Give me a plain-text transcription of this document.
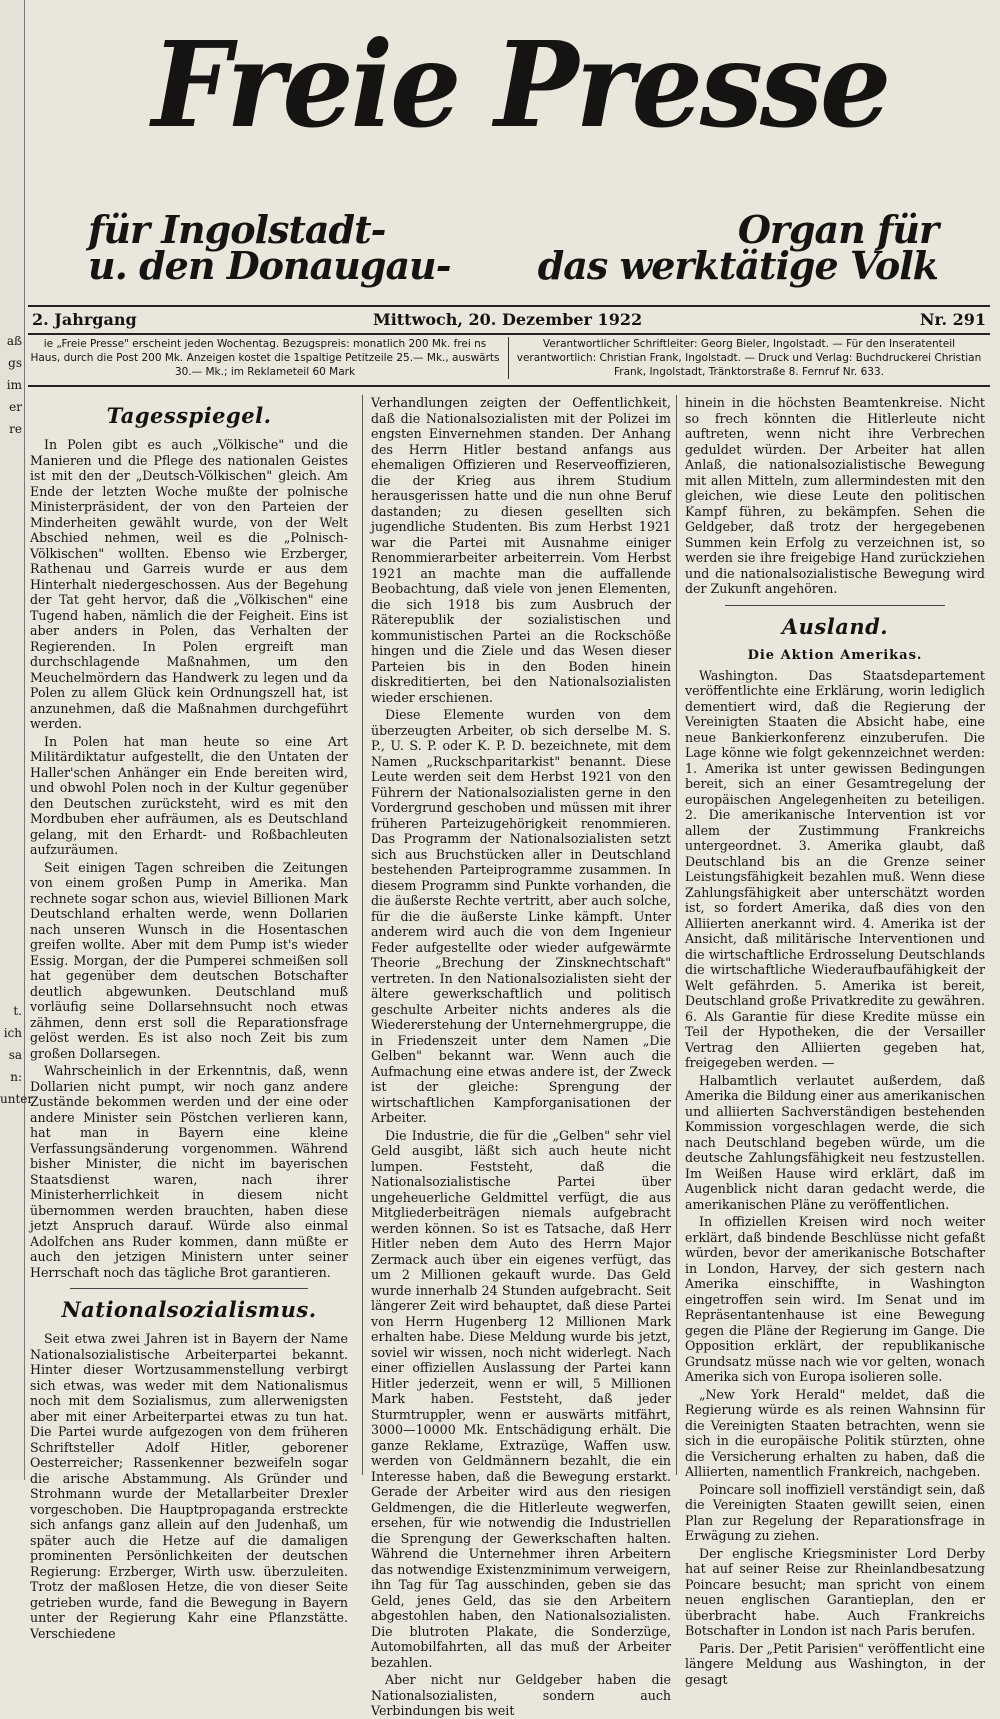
aß
gs
im
er
re
t.
ich
sa
n:
unter
Freie Presse
für Ingolstadt-
u. den Donaugau-
Organ für
das werktätige Volk
2. Jahrgang	Mittwoch, 20. Dezember 1922	Nr. 291
ie „Freie Presse" erscheint jeden Wochentag. Bezugspreis: monatlich 200 Mk. frei ns Haus, durch die Post 200 Mk. Anzeigen kostet die 1spaltige Petitzeile 25.— Mk., auswärts 30.— Mk.; im Reklameteil 60 Mark
Verantwortlicher Schriftleiter: Georg Bieler, Ingolstadt. — Für den Inseratenteil verantwortlich: Christian Frank, Ingolstadt. — Druck und Verlag: Buchdruckerei Christian Frank, Ingolstadt, Tränktorstraße 8. Fernruf Nr. 633.
Tagesspiegel.

In Polen gibt es auch „Völkische" und die Manieren und die Pflege des nationalen Geistes ist mit den der „Deutsch-Völkischen" gleich. Am Ende der letzten Woche mußte der polnische Ministerpräsident, der von den Parteien der Minderheiten gewählt wurde, von der Welt Abschied nehmen, weil es die „Polnisch-Völkischen" wollten. Ebenso wie Erzberger, Rathenau und Garreis wurde er aus dem Hinterhalt niedergeschossen. Aus der Begehung der Tat geht hervor, daß die „Völkischen" eine Tugend haben, nämlich die der Feigheit. Eins ist aber anders in Polen, das Verhalten der Regierenden. In Polen ergreift man durchschlagende Maßnahmen, um den Meuchelmördern das Handwerk zu legen und da Polen zu allem Glück kein Ordnungszell hat, ist anzunehmen, daß die Maßnahmen durchgeführt werden.

In Polen hat man heute so eine Art Militärdiktatur aufgestellt, die den Untaten der Haller'schen Anhänger ein Ende bereiten wird, und obwohl Polen noch in der Kultur gegenüber den Deutschen zurücksteht, wird es mit den Mordbuben eher aufräumen, als es Deutschland gelang, mit den Erhardt- und Roßbachleuten aufzuräumen.

Seit einigen Tagen schreiben die Zeitungen von einem großen Pump in Amerika. Man rechnete sogar schon aus, wieviel Billionen Mark Deutschland erhalten werde, wenn Dollarien nach unseren Wunsch in die Hosentaschen greifen wollte. Aber mit dem Pump ist's wieder Essig. Morgan, der die Pumperei schmeißen soll hat gegenüber dem deutschen Botschafter deutlich abgewunken. Deutschland muß vorläufig seine Dollarsehnsucht noch etwas zähmen, denn erst soll die Reparationsfrage gelöst werden. Es ist also noch Zeit bis zum großen Dollarsegen.

Wahrscheinlich in der Erkenntnis, daß, wenn Dollarien nicht pumpt, wir noch ganz andere Zustände bekommen werden und der eine oder andere Minister sein Pöstchen verlieren kann, hat man in Bayern eine kleine Verfassungsänderung vorgenommen. Während bisher Minister, die nicht im bayerischen Staatsdienst waren, nach ihrer Ministerherrlichkeit in diesem nicht übernommen werden brauchten, haben diese jetzt Anspruch darauf. Würde also einmal Adolfchen ans Ruder kommen, dann müßte er auch den jetzigen Ministern unter seiner Herrschaft noch das tägliche Brot garantieren.

Nationalsozialismus.

Seit etwa zwei Jahren ist in Bayern der Name Nationalsozialistische Arbeiterpartei bekannt. Hinter dieser Wortzusammenstellung verbirgt sich etwas, was weder mit dem Nationalismus noch mit dem Sozialismus, zum allerwenigsten aber mit einer Arbeiterpartei etwas zu tun hat. Die Partei wurde aufgezogen von dem früheren Schriftsteller Adolf Hitler, geborener Oesterreicher; Rassenkenner bezweifeln sogar die arische Abstammung. Als Gründer und Strohmann wurde der Metallarbeiter Drexler vorgeschoben. Die Hauptpropaganda erstreckte sich anfangs ganz allein auf den Judenhaß, um später auch die Hetze auf die damaligen prominenten Persönlichkeiten der deutschen Regierung: Erzberger, Wirth usw. überzuleiten. Trotz der maßlosen Hetze, die von dieser Seite getrieben wurde, fand die Bewegung in Bayern unter der Regierung Kahr eine Pflanzstätte. Verschiedene

Verhandlungen zeigten der Oeffentlichkeit, daß die Nationalsozialisten mit der Polizei im engsten Einvernehmen standen. Der Anhang des Herrn Hitler bestand anfangs aus ehemaligen Offizieren und Reserveoffizieren, die der Krieg aus ihrem Studium herausgerissen hatte und die nun ohne Beruf dastanden; zu diesen gesellten sich jugendliche Studenten. Bis zum Herbst 1921 war die Partei mit Ausnahme einiger Renommierarbeiter arbeiterrein. Vom Herbst 1921 an machte man die auffallende Beobachtung, daß viele von jenen Elementen, die sich 1918 bis zum Ausbruch der Räterepublik der sozialistischen und kommunistischen Partei an die Rockschöße hingen und die Ziele und das Wesen dieser Parteien bis in den Boden hinein diskreditierten, bei den Nationalsozialisten wieder erschienen.

Diese Elemente wurden von dem überzeugten Arbeiter, ob sich derselbe M. S. P., U. S. P. oder K. P. D. bezeichnete, mit dem Namen „Ruckschparitarkist" benannt. Diese Leute werden seit dem Herbst 1921 von den Führern der Nationalsozialisten gerne in den Vordergrund geschoben und müssen mit ihrer früheren Parteizugehörigkeit renommieren. Das Programm der Nationalsozialisten setzt sich aus Bruchstücken aller in Deutschland bestehenden Parteiprogramme zusammen. In diesem Programm sind Punkte vorhanden, die die äußerste Rechte vertritt, aber auch solche, für die die äußerste Linke kämpft. Unter anderem wird auch die von dem Ingenieur Feder aufgestellte oder wieder aufgewärmte Theorie „Brechung der Zinsknechtschaft" vertreten. In den Nationalsozialisten sieht der ältere gewerkschaftlich und politisch geschulte Arbeiter nichts anderes als die Wiedererstehung der Unternehmergruppe, die in Friedenszeit unter dem Namen „Die Gelben" bekannt war. Wenn auch die Aufmachung eine etwas andere ist, der Zweck ist der gleiche: Sprengung der wirtschaftlichen Kampforganisationen der Arbeiter.

Die Industrie, die für die „Gelben" sehr viel Geld ausgibt, läßt sich auch heute nicht lumpen. Feststeht, daß die Nationalsozialistische Partei über ungeheuerliche Geldmittel verfügt, die aus Mitgliederbeiträgen niemals aufgebracht werden können. So ist es Tatsache, daß Herr Hitler neben dem Auto des Herrn Major Zermack auch über ein eigenes verfügt, das um 2 Millionen gekauft wurde. Das Geld wurde innerhalb 24 Stunden aufgebracht. Seit längerer Zeit wird behauptet, daß diese Partei von Herrn Hugenberg 12 Millionen Mark erhalten habe. Diese Meldung wurde bis jetzt, soviel wir wissen, noch nicht widerlegt. Nach einer offiziellen Auslassung der Partei kann Hitler jederzeit, wenn er will, 5 Millionen Mark haben. Feststeht, daß jeder Sturmtruppler, wenn er auswärts mitfährt, 3000—10000 Mk. Entschädigung erhält. Die ganze Reklame, Extrazüge, Waffen usw. werden von Geldmännern bezahlt, die ein Interesse haben, daß die Bewegung erstarkt. Gerade der Arbeiter wird aus den riesigen Geldmengen, die die Hitlerleute wegwerfen, ersehen, für wie notwendig die Industriellen die Sprengung der Gewerkschaften halten. Während die Unternehmer ihren Arbeitern das notwendige Existenzminimum verweigern, ihn Tag für Tag ausschinden, geben sie das Geld, jenes Geld, das sie den Arbeitern abgestohlen haben, den Nationalsozialisten. Die blutroten Plakate, die Sonderzüge, Automobilfahrten, all das muß der Arbeiter bezahlen.

Aber nicht nur Geldgeber haben die Nationalsozialisten, sondern auch Verbindungen bis weit

hinein in die höchsten Beamtenkreise. Nicht so frech könnten die Hitlerleute nicht auftreten, wenn nicht ihre Verbrechen geduldet würden. Der Arbeiter hat allen Anlaß, die nationalsozialistische Bewegung mit allen Mitteln, zum allermindesten mit den gleichen, wie diese Leute den politischen Kampf führen, zu bekämpfen. Sehen die Geldgeber, daß trotz der hergegebenen Summen kein Erfolg zu verzeichnen ist, so werden sie ihre freigebige Hand zurückziehen und die nationalsozialistische Bewegung wird der Zukunft angehören.

Ausland.
Die Aktion Amerikas.

Washington. Das Staatsdepartement veröffentlichte eine Erklärung, worin lediglich dementiert wird, daß die Regierung der Vereinigten Staaten die Absicht habe, eine neue Bankierkonferenz einzuberufen. Die Lage könne wie folgt gekennzeichnet werden: 1. Amerika ist unter gewissen Bedingungen bereit, sich an einer Gesamtregelung der europäischen Angelegenheiten zu beteiligen. 2. Die amerikanische Intervention ist vor allem der Zustimmung Frankreichs untergeordnet. 3. Amerika glaubt, daß Deutschland bis an die Grenze seiner Leistungsfähigkeit bezahlen muß. Wenn diese Zahlungsfähigkeit aber unterschätzt worden ist, so fordert Amerika, daß dies von den Alliierten anerkannt wird. 4. Amerika ist der Ansicht, daß militärische Interventionen und die wirtschaftliche Erdrosselung Deutschlands die wirtschaftliche Wiederaufbaufähigkeit der Welt gefährden. 5. Amerika ist bereit, Deutschland große Privatkredite zu gewähren. 6. Als Garantie für diese Kredite müsse ein Teil der Hypotheken, die der Versailler Vertrag den Alliierten gegeben hat, freigegeben werden. —

Halbamtlich verlautet außerdem, daß Amerika die Bildung einer aus amerikanischen und alliierten Sachverständigen bestehenden Kommission vorgeschlagen werde, die sich nach Deutschland begeben würde, um die deutsche Zahlungsfähigkeit neu festzustellen. Im Weißen Hause wird erklärt, daß im Augenblick nicht daran gedacht werde, die amerikanischen Pläne zu veröffentlichen.

In offiziellen Kreisen wird noch weiter erklärt, daß bindende Beschlüsse nicht gefaßt würden, bevor der amerikanische Botschafter in London, Harvey, der sich gestern nach Amerika einschiffte, in Washington eingetroffen sein wird. Im Senat und im Repräsentantenhause ist eine Bewegung gegen die Pläne der Regierung im Gange. Die Opposition erklärt, der republikanische Grundsatz müsse nach wie vor gelten, wonach Amerika sich von Europa isolieren solle.

„New York Herald" meldet, daß die Regierung würde es als reinen Wahnsinn für die Vereinigten Staaten betrachten, wenn sie sich in die europäische Politik stürzten, ohne die Versicherung erhalten zu haben, daß die Alliierten, namentlich Frankreich, nachgeben.

Poincare soll inoffiziell verständigt sein, daß die Vereinigten Staaten gewillt seien, einen Plan zur Regelung der Reparationsfrage in Erwägung zu ziehen.

Der englische Kriegsminister Lord Derby hat auf seiner Reise zur Rheinlandbesatzung Poincare besucht; man spricht von einem neuen englischen Garantieplan, den er überbracht habe. Auch Frankreichs Botschafter in London ist nach Paris berufen.

Paris. Der „Petit Parisien" veröffentlicht eine längere Meldung aus Washington, in der gesagt
